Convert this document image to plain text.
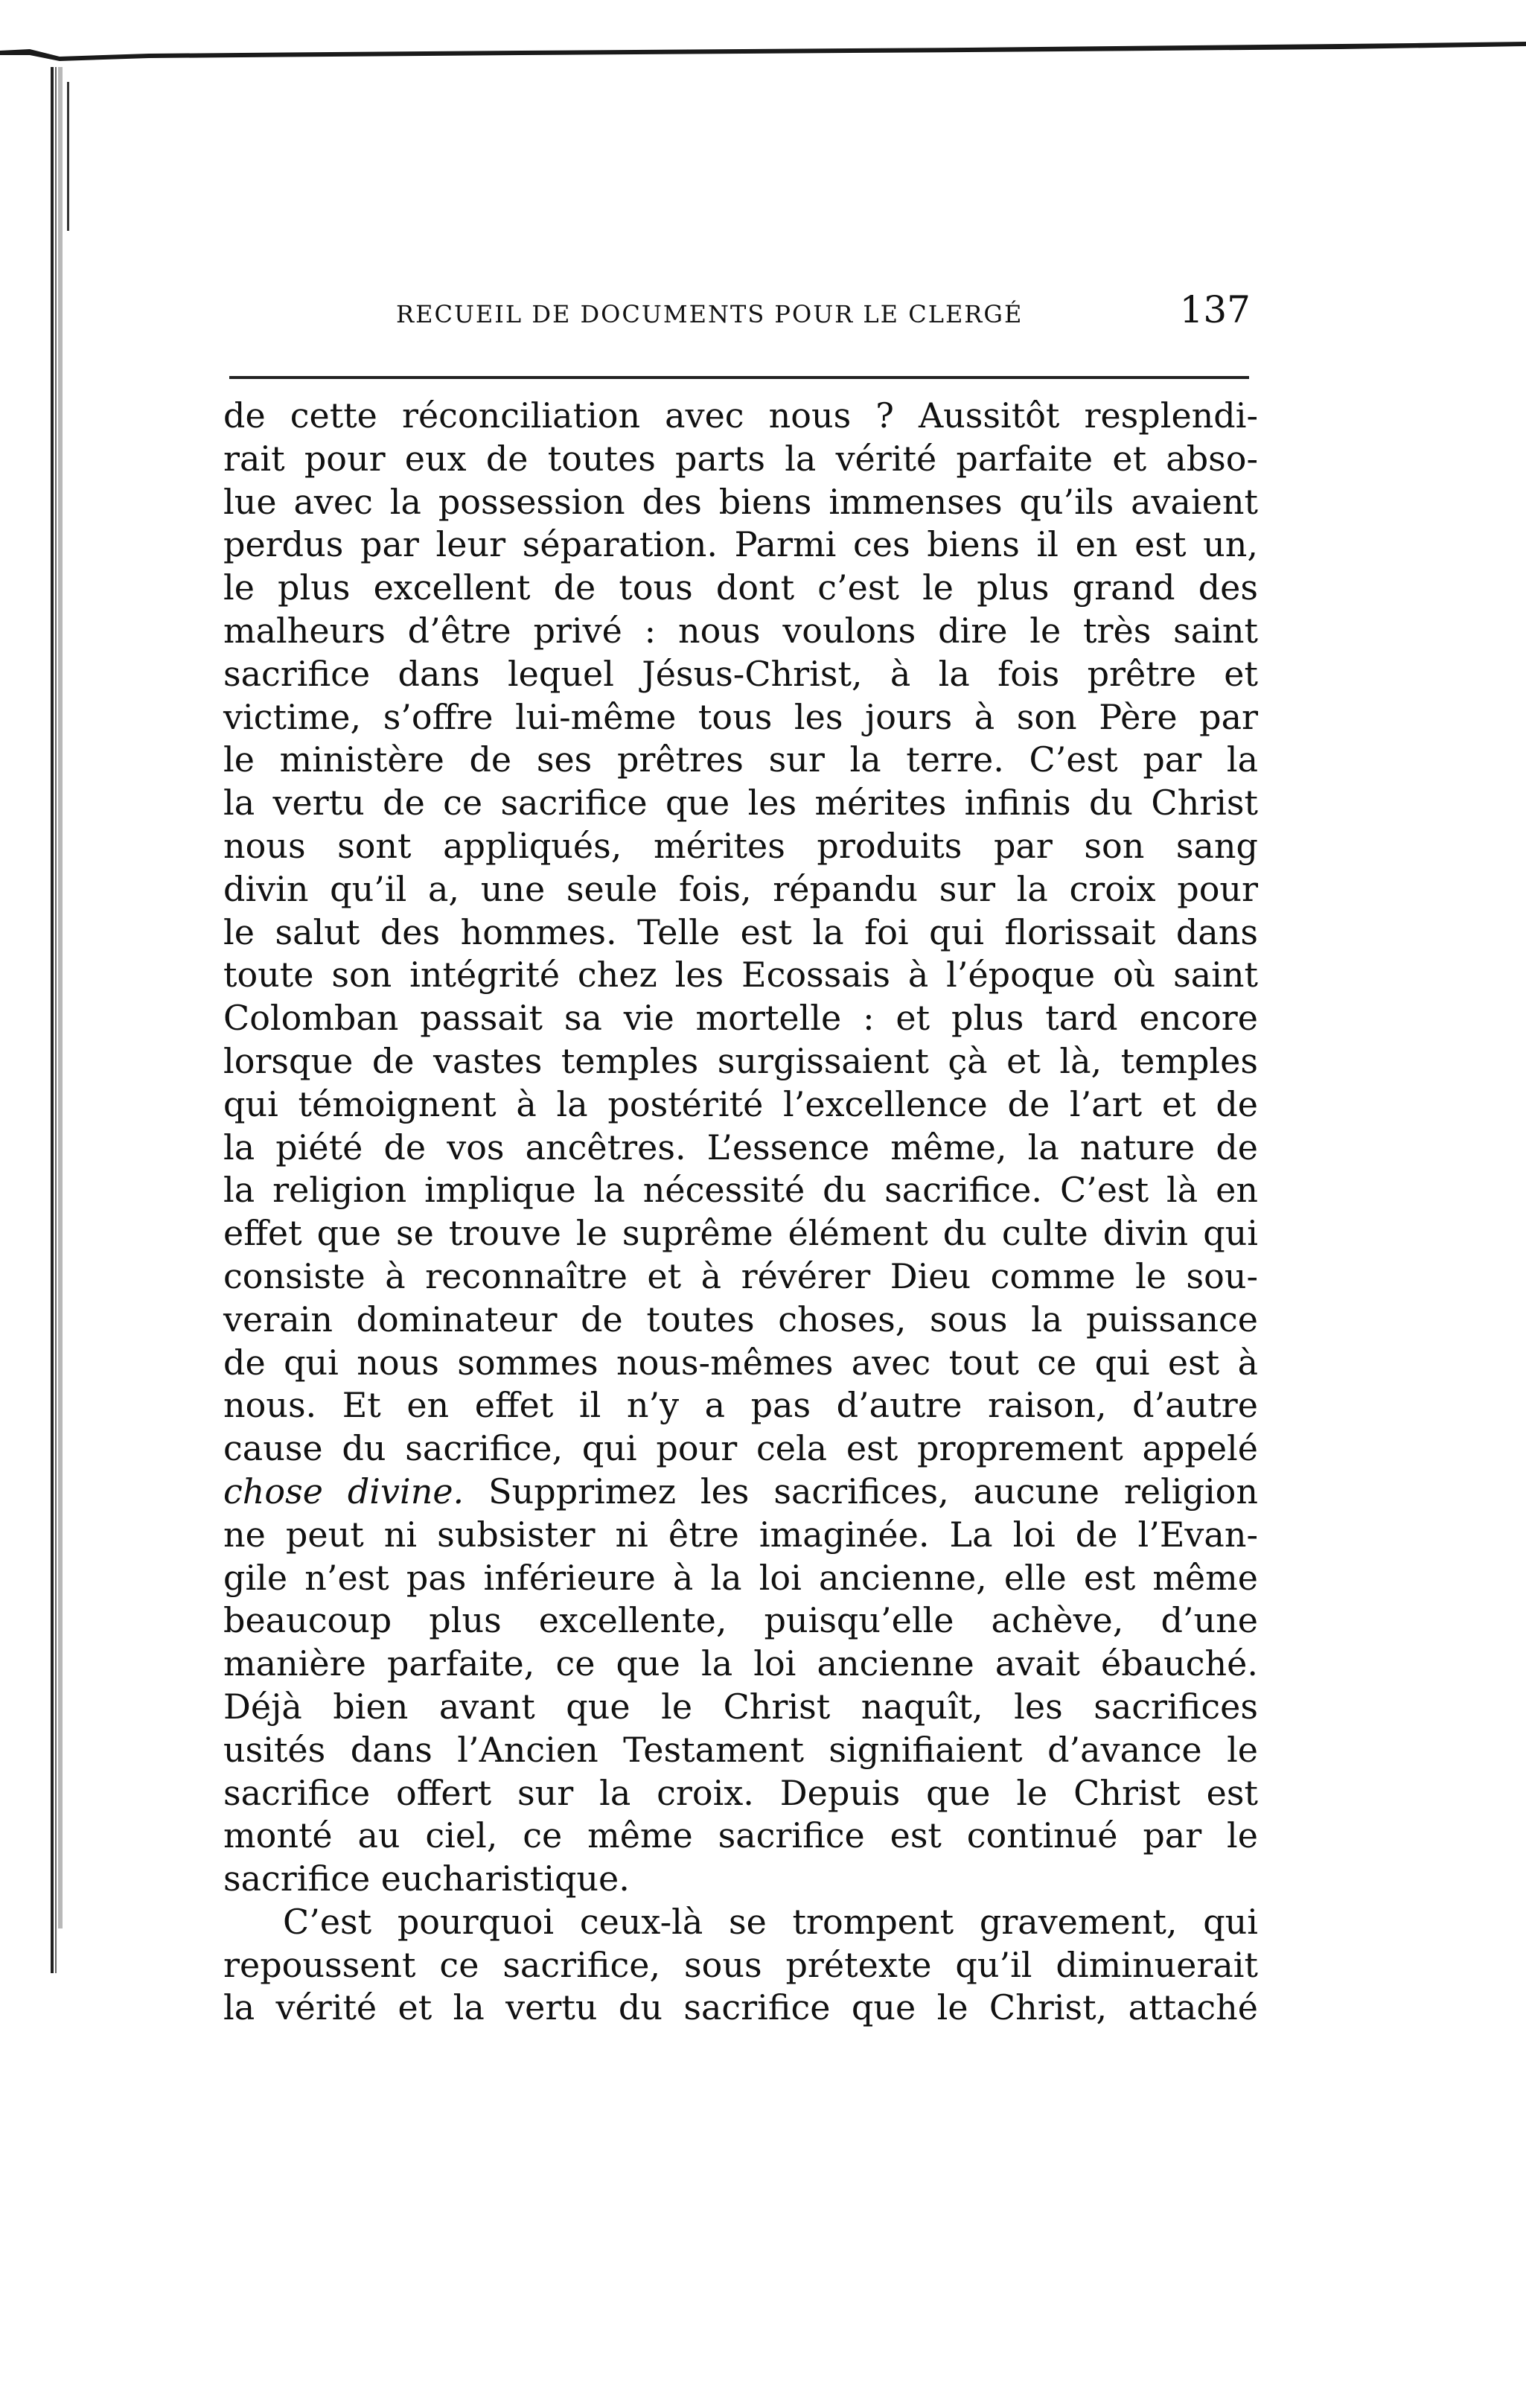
RECUEIL DE DOCUMENTS POUR LE CLERGÉ	137
de cette réconciliation avec nous ? Aussitôt resplendi-
rait pour eux de toutes parts la vérité parfaite et abso-
lue avec la possession des biens immenses qu’ils avaient
perdus par leur séparation. Parmi ces biens il en est un,
le plus excellent de tous dont c’est le plus grand des
malheurs d’être privé : nous voulons dire le très saint
sacrifice dans lequel Jésus-Christ, à la fois prêtre et
victime, s’offre lui-même tous les jours à son Père par
le ministère de ses prêtres sur la terre. C’est par la
la vertu de ce sacrifice que les mérites infinis du Christ
nous sont appliqués, mérites produits par son sang
divin qu’il a, une seule fois, répandu sur la croix pour
le salut des hommes. Telle est la foi qui florissait dans
toute son intégrité chez les Ecossais à l’époque où saint
Colomban passait sa vie mortelle : et plus tard encore
lorsque de vastes temples surgissaient çà et là, temples
qui témoignent à la postérité l’excellence de l’art et de
la piété de vos ancêtres. L’essence même, la nature de
la religion implique la nécessité du sacrifice. C’est là en
effet que se trouve le suprême élément du culte divin qui
consiste à reconnaître et à révérer Dieu comme le sou-
verain dominateur de toutes choses, sous la puissance
de qui nous sommes nous-mêmes avec tout ce qui est à
nous. Et en effet il n’y a pas d’autre raison, d’autre
cause du sacrifice, qui pour cela est proprement appelé
chose divine. Supprimez les sacrifices, aucune religion
ne peut ni subsister ni être imaginée. La loi de l’Evan-
gile n’est pas inférieure à la loi ancienne, elle est même
beaucoup plus excellente, puisqu’elle achève, d’une
manière parfaite, ce que la loi ancienne avait ébauché.
Déjà bien avant que le Christ naquît, les sacrifices
usités dans l’Ancien Testament signifiaient d’avance le
sacrifice offert sur la croix. Depuis que le Christ est
monté au ciel, ce même sacrifice est continué par le
sacrifice eucharistique.
C’est pourquoi ceux-là se trompent gravement, qui
repoussent ce sacrifice, sous prétexte qu’il diminuerait
la vérité et la vertu du sacrifice que le Christ, attaché
